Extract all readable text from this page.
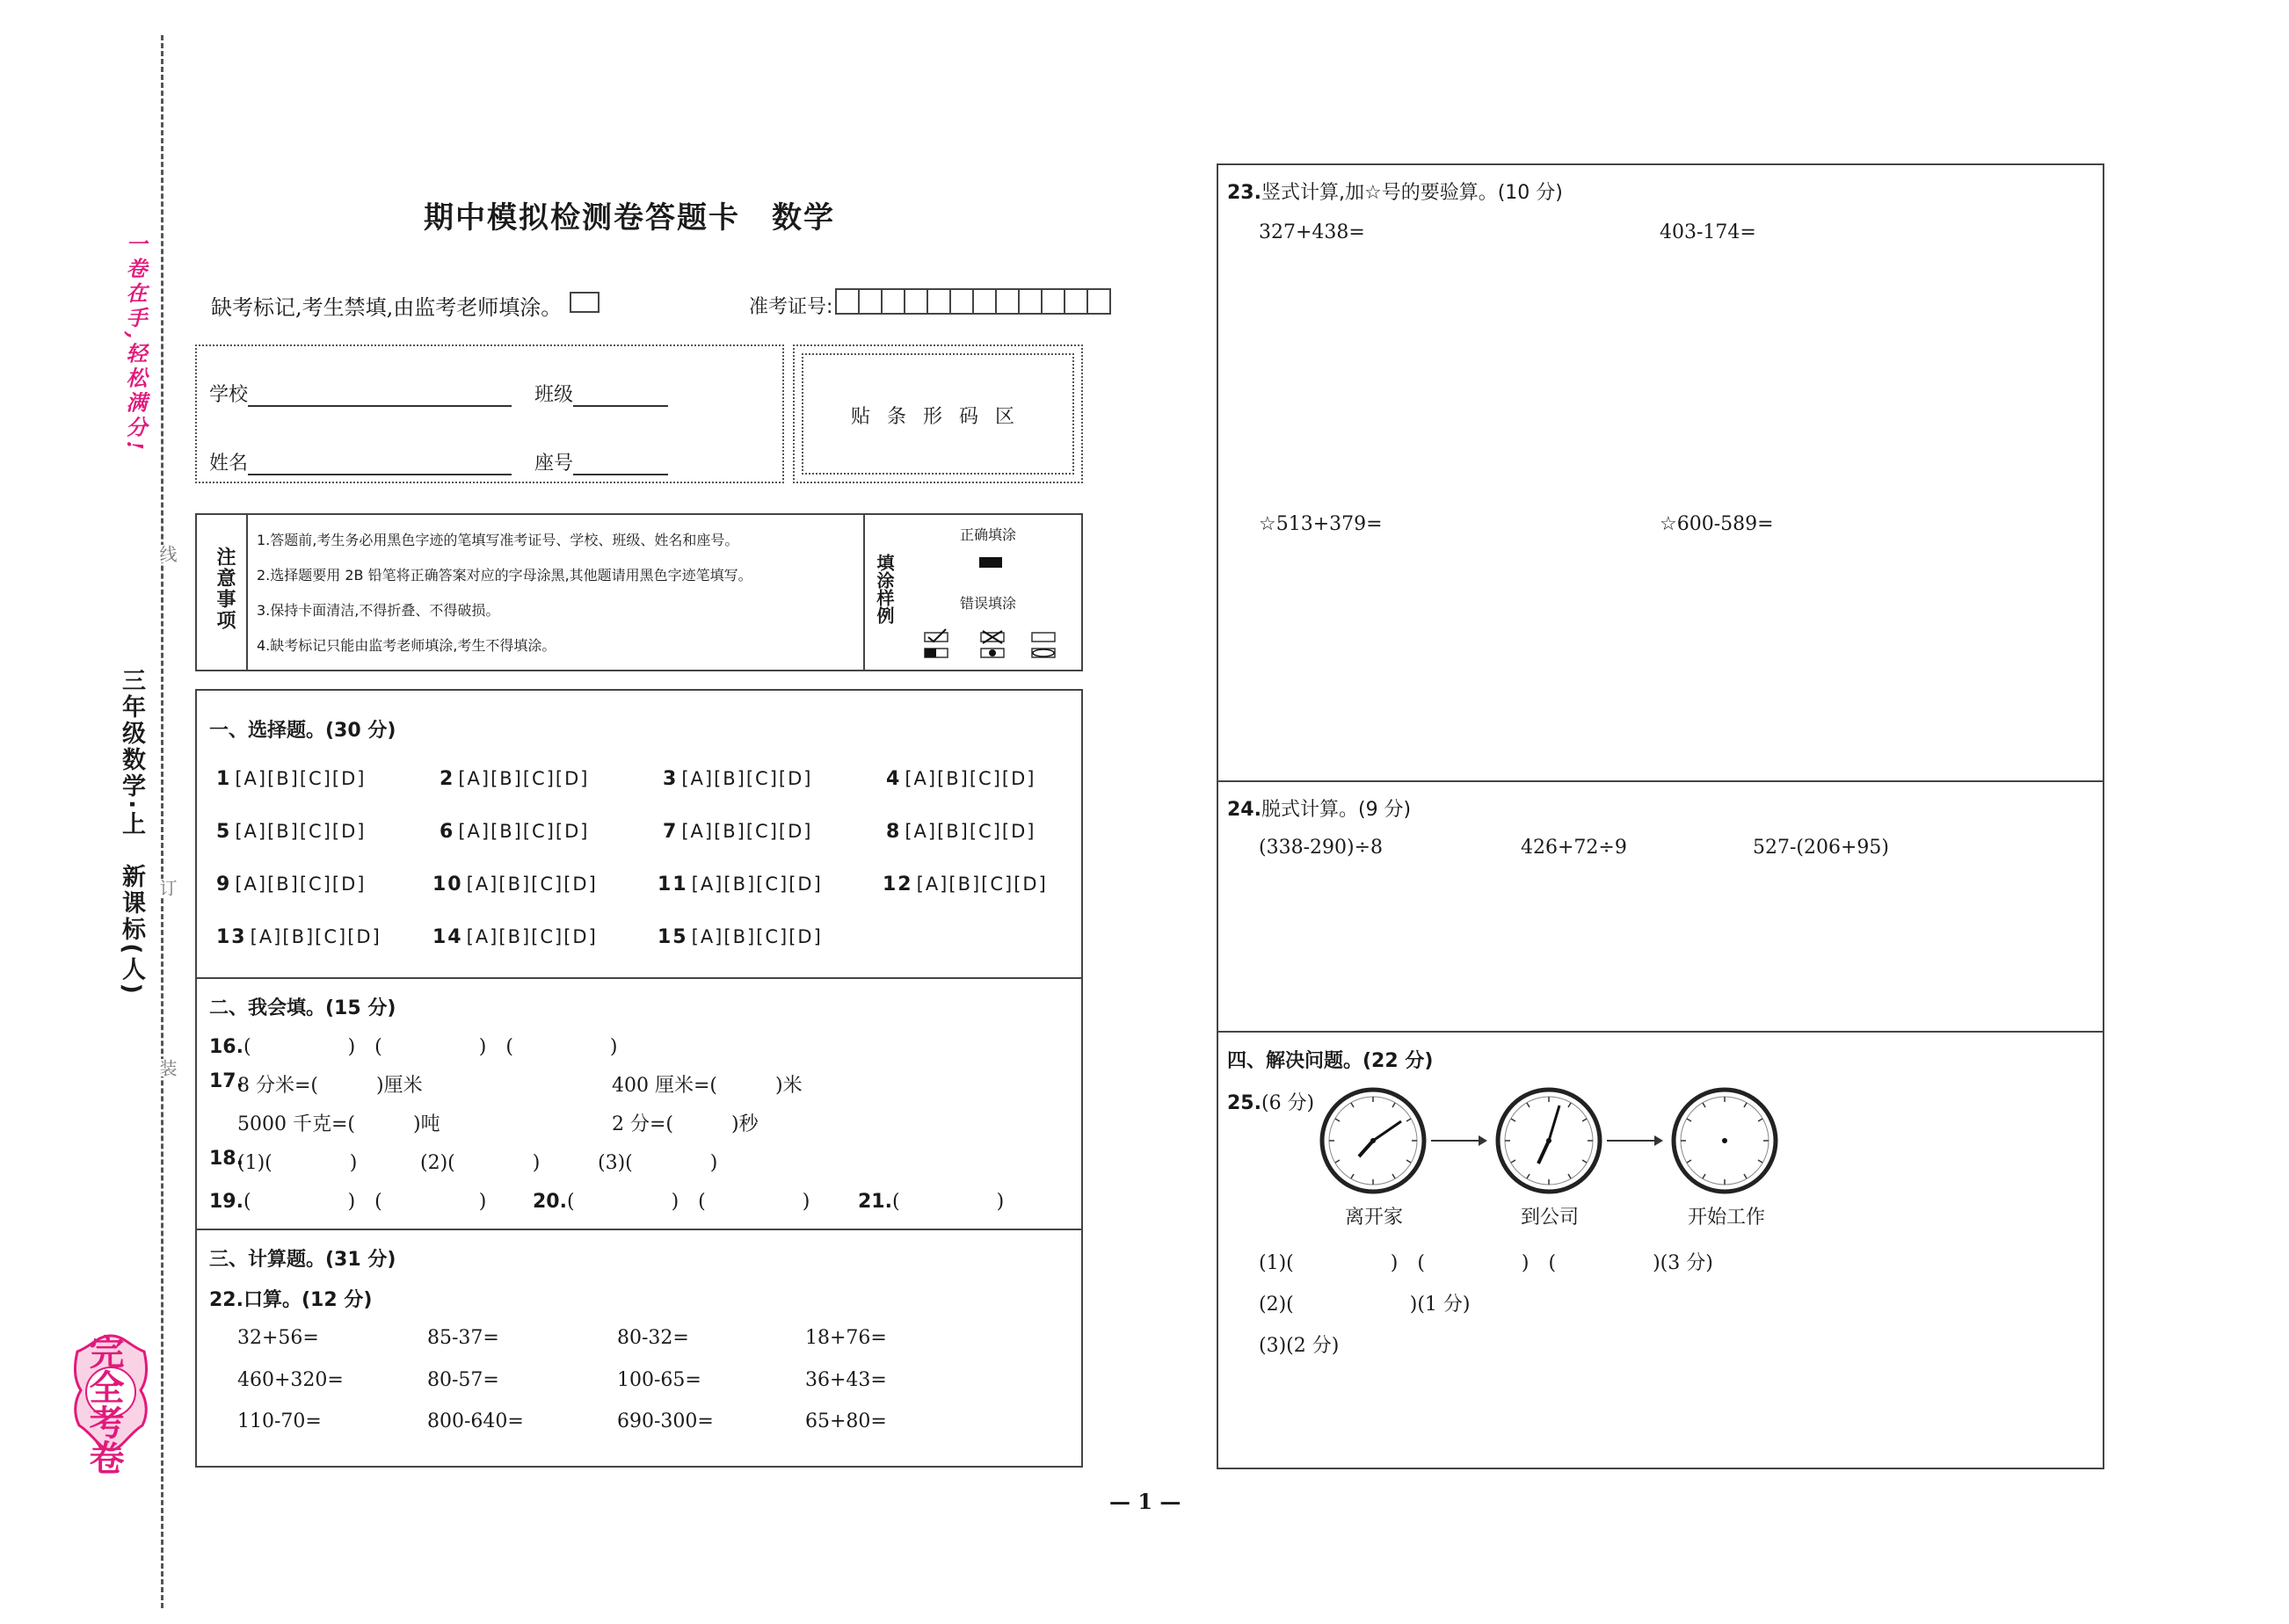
线
订
装
一卷在手,轻松满分!
三年级数学·上　新课标(人)
完全考卷
期中模拟检测卷答题卡 数学
缺考标记,考生禁填,由监考老师填涂。	准考证号:
学校	班级
姓名	座号
贴 条 形 码 区
注意事项
1.答题前,考生务必用黑色字迹的笔填写准考证号、学校、班级、姓名和座号。
2.选择题要用 2B 铅笔将正确答案对应的字母涂黑,其他题请用黑色字迹笔填写。
3.保持卡面清洁,不得折叠、不得破损。
4.缺考标记只能由监考老师填涂,考生不得填涂。
填涂样例
正确填涂
错误填涂
一、选择题。(30 分)
1 [A][B][C][D]	2 [A][B][C][D]	3 [A][B][C][D]	4 [A][B][C][D]
5 [A][B][C][D]	6 [A][B][C][D]	7 [A][B][C][D]	8 [A][B][C][D]
9 [A][B][C][D]	10 [A][B][C][D]	11 [A][B][C][D]	12 [A][B][C][D]
13 [A][B][C][D]	14 [A][B][C][D]	15 [A][B][C][D]
二、我会填。(15 分)
16.(　　　　　)　(　　　　　)　(　　　　　)
17.
8 分米=(　　　)厘米	400 厘米=(　　　)米
5000 千克=(　　　)吨	2 分=(　　　)秒
18.
(1)(　　　　)	(2)(　　　　)	(3)(　　　　)
19.(　　　　　)　(　　　　　) 20.(　　　　　)　(　　　　　) 21.(　　　　　)
三、计算题。(31 分)
22.口算。(12 分)
32+56=	85-37=	80-32=	18+76=
460+320=	80-57=	100-65=	36+43=
110-70=	800-640=	690-300=	65+80=
23.竖式计算,加☆号的要验算。(10 分)
327+438=	403-174=
☆513+379=	☆600-589=
24.脱式计算。(9 分)
(338-290)÷8	426+72÷9	527-(206+95)
四、解决问题。(22 分)
25.(6 分)
离开家	到公司	开始工作
(1)(　　　　　)　(　　　　　)　(　　　　　)(3 分)
(2)(　　　　　　)(1 分)
(3)(2 分)
— 1 —
